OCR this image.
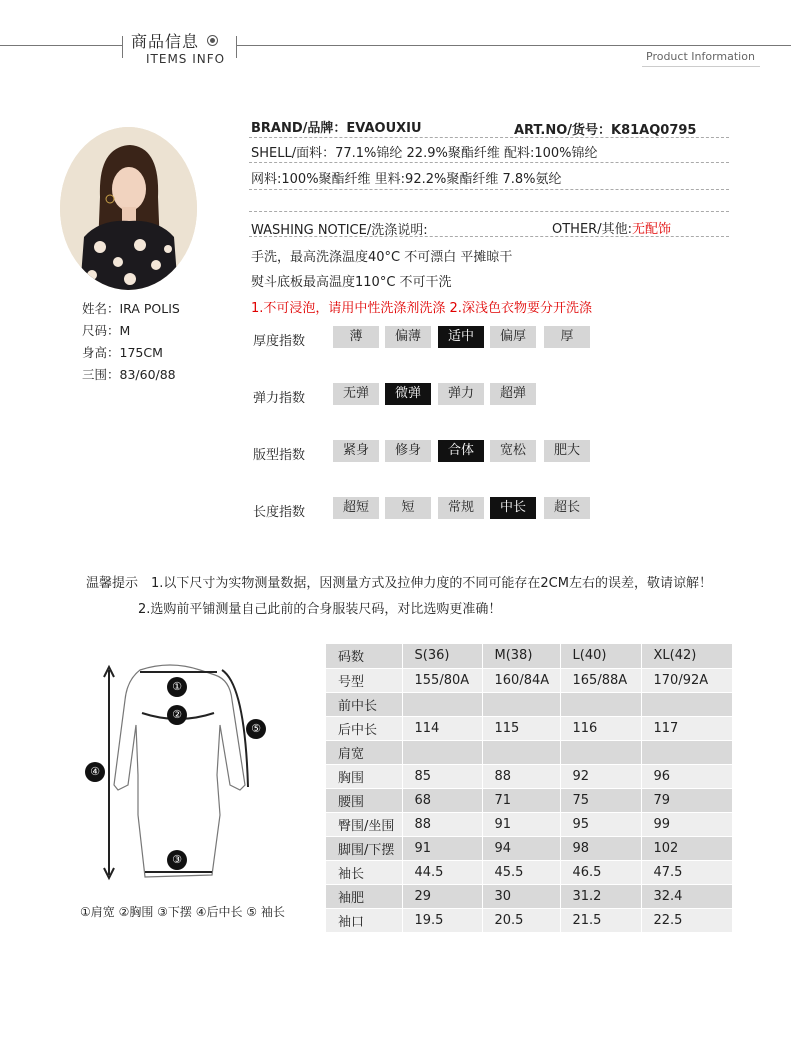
商品信息
ITEMS INFO	Product Information
姓名：IRA POLIS
尺码：M
身高：175CM
三围：83/60/88
BRAND/品牌：EVAOUXIU	ART.NO/货号：K81AQ0795
SHELL/面料：77.1%锦纶 22.9%聚酯纤维 配料:100%锦纶
网料:100%聚酯纤维 里料:92.2%聚酯纤维 7.8%氨纶
WASHING NOTICE/洗涤说明:	OTHER/其他:无配饰
手洗，最高洗涤温度40°C 不可漂白 平摊晾干
熨斗底板最高温度110°C 不可干洗
1.不可浸泡，请用中性洗涤剂洗涤 2.深浅色衣物要分开洗涤
厚度指数	薄	偏薄	适中	偏厚	厚
弹力指数	无弹	微弹	弹力	超弹
版型指数	紧身	修身	合体	宽松	肥大
长度指数	超短	短	常规	中长	超长
温馨提示 1.以下尺寸为实物测量数据，因测量方式及拉伸力度的不同可能存在2CM左右的误差，敬请谅解！
2.选购前平铺测量自己此前的合身服装尺码，对比选购更准确！
①
②
③
④
⑤
①肩宽 ②胸围 ③下摆 ④后中长 ⑤ 袖长
码数	S(36)	M(38)	L(40)	XL(42)
号型	155/80A	160/84A	165/88A	170/92A
前中长				
后中长	114	115	116	117
肩宽				
胸围	85	88	92	96
腰围	68	71	75	79
臀围/坐围	88	91	95	99
脚围/下摆	91	94	98	102
袖长	44.5	45.5	46.5	47.5
袖肥	29	30	31.2	32.4
袖口	19.5	20.5	21.5	22.5
